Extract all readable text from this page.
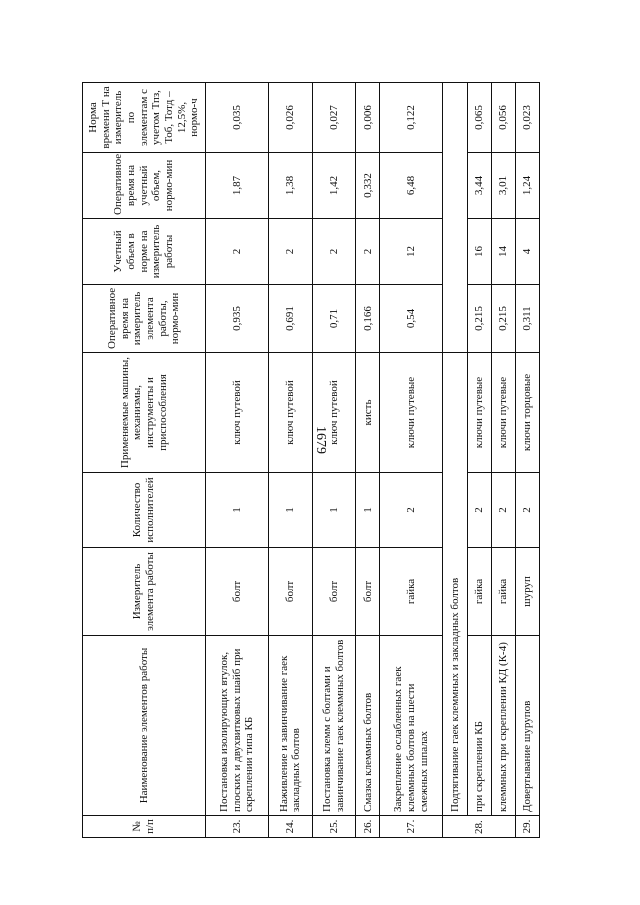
1679
№ п/п	Наименование элементов работы	Измеритель элемента работы	Количество исполнителей	Применяемые машины, механизмы, инструменты и приспособления	Оперативное время на измеритель элемента работы, нормо-мин	Учетный объем в норме на измеритель работы	Оперативное время на учетный объем, нормо-мин	Норма времени Т на измеритель по элементам с учетом Тпз, Тоб, Тотд – 12,5%, нормо-ч
23.	Постановка изолирующих втулок, плоских и двухвитковых шайб при скреплении типа КБ	болт	1	ключ путевой	0,935	2	1,87	0,035
24.	Наживление и завинчивание гаек закладных болтов	болт	1	ключ путевой	0,691	2	1,38	0,026
25.	Постановка клемм с болтами и завинчивание гаек клеммных болтов	болт	1	ключ путевой	0,71	2	1,42	0,027
26.	Смазка клеммных болтов	болт	1	кисть	0,166	2	0,332	0,006
27.	Закрепление ослабленных гаек клеммных болтов на шести смежных шпалах	гайка	2	ключи путевые	0,54	12	6,48	0,122
28.	Подтягивание гаек клеммных и закладных болтов							
	при скреплении КБ	гайка	2	ключи путевые	0,215	16	3,44	0,065
	клеммных при скреплении КД (К-4)	гайка	2	ключи путевые	0,215	14	3,01	0,056
29.	Довертывание шурупов	шуруп	2	ключи торцовые	0,311	4	1,24	0,023
